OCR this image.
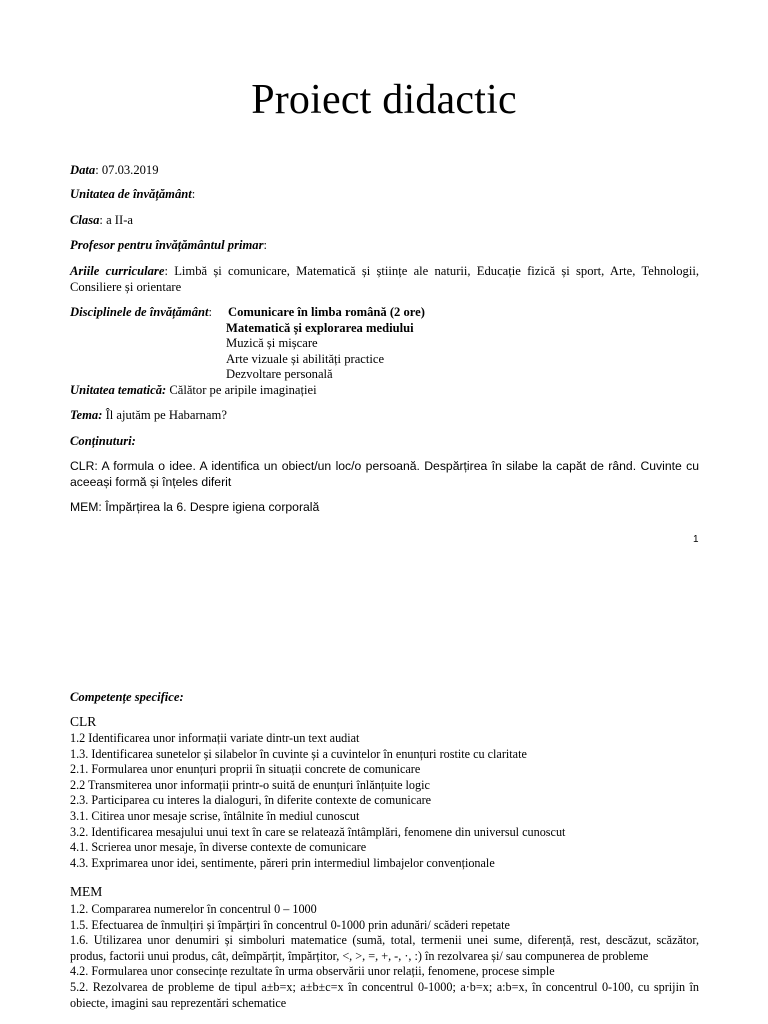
Proiect didactic
Data: 07.03.2019
Unitatea de învățământ:
Clasa: a II-a
Profesor pentru învățământul primar:
Ariile curriculare: Limbă și comunicare, Matematică și științe ale naturii, Educație fizică și sport, Arte, Tehnologii, Consiliere și orientare
Disciplinele de învățământ: Comunicare în limba română (2 ore)
Matematică și explorarea mediului
Muzică și mișcare
Arte vizuale și abilități practice
Dezvoltare personală
Unitatea tematică: Călător pe aripile imaginației
Tema: Îl ajutăm pe Habarnam?
Conținuturi:
CLR: A formula o idee. A identifica un obiect/un loc/o persoană. Despărțirea în silabe la capăt de rând. Cuvinte cu aceeași formă și înțeles diferit
MEM: Împărțirea la 6. Despre igiena corporală
1
Competențe specifice:
CLR
1.2 Identificarea unor informații variate dintr-un text audiat
1.3. Identificarea sunetelor și silabelor în cuvinte și a cuvintelor în enunțuri rostite cu claritate
2.1. Formularea unor enunțuri proprii în situații concrete de comunicare
2.2 Transmiterea unor informații printr-o suită de enunțuri înlănțuite logic
2.3. Participarea cu interes la dialoguri, în diferite contexte de comunicare
3.1. Citirea unor mesaje scrise, întâlnite în mediul cunoscut
3.2. Identificarea mesajului unui text în care se relatează întâmplări, fenomene din universul cunoscut
4.1. Scrierea unor mesaje, în diverse contexte de comunicare
4.3. Exprimarea unor idei, sentimente, păreri prin intermediul limbajelor convenționale
MEM
1.2. Compararea numerelor în concentrul 0 – 1000
1.5. Efectuarea de înmulțiri și împărțiri în concentrul 0-1000 prin adunări/ scăderi repetate
1.6. Utilizarea unor denumiri și simboluri matematice (sumă, total, termenii unei sume, diferență, rest, descăzut, scăzător, produs, factorii unui produs, cât, deîmpărțit, împărțitor, <, >, =, +, -, ·, :) în rezolvarea și/ sau compunerea de probleme
4.2. Formularea unor consecințe rezultate în urma observării unor relații, fenomene, procese simple
5.2. Rezolvarea de probleme de tipul a±b=x; a±b±c=x în concentrul 0-1000; a·b=x; a:b=x, în concentrul 0-100, cu sprijin în obiecte, imagini sau reprezentări schematice
